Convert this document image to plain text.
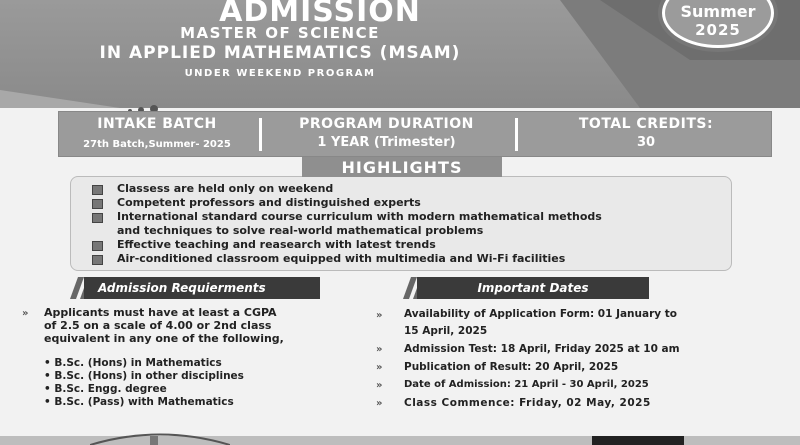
ADMISSION
MASTER OF SCIENCE
IN APPLIED MATHEMATICS (MSAM)
UNDER WEEKEND PROGRAM
Summer
2025
INTAKE BATCH
27th Batch,Summer- 2025
PROGRAM DURATION
1 YEAR (Trimester)
TOTAL CREDITS:
30
HIGHLIGHTS
Classess are held only on weekend
Competent professors and distinguished experts
International standard course curriculum with modern mathematical methods
and techniques to solve real-world mathematical problems
Effective teaching and reasearch with latest trends
Air-conditioned classroom equipped with multimedia and Wi-Fi facilities
Admission Requierments	Important Dates
» Applicants must have at least a CGPA
of 2.5 on a scale of 4.00 or 2nd class
equivalent in any one of the following,
• B.Sc. (Hons) in Mathematics
• B.Sc. (Hons) in other disciplines
• B.Sc. Engg. degree
• B.Sc. (Pass) with Mathematics
» Availability of Application Form: 01 January to
15 April, 2025
» Admission Test: 18 April, Friday 2025 at 10 am
» Publication of Result: 20 April, 2025
» Date of Admission: 21 April - 30 April, 2025
» Class Commence: Friday, 02 May, 2025
